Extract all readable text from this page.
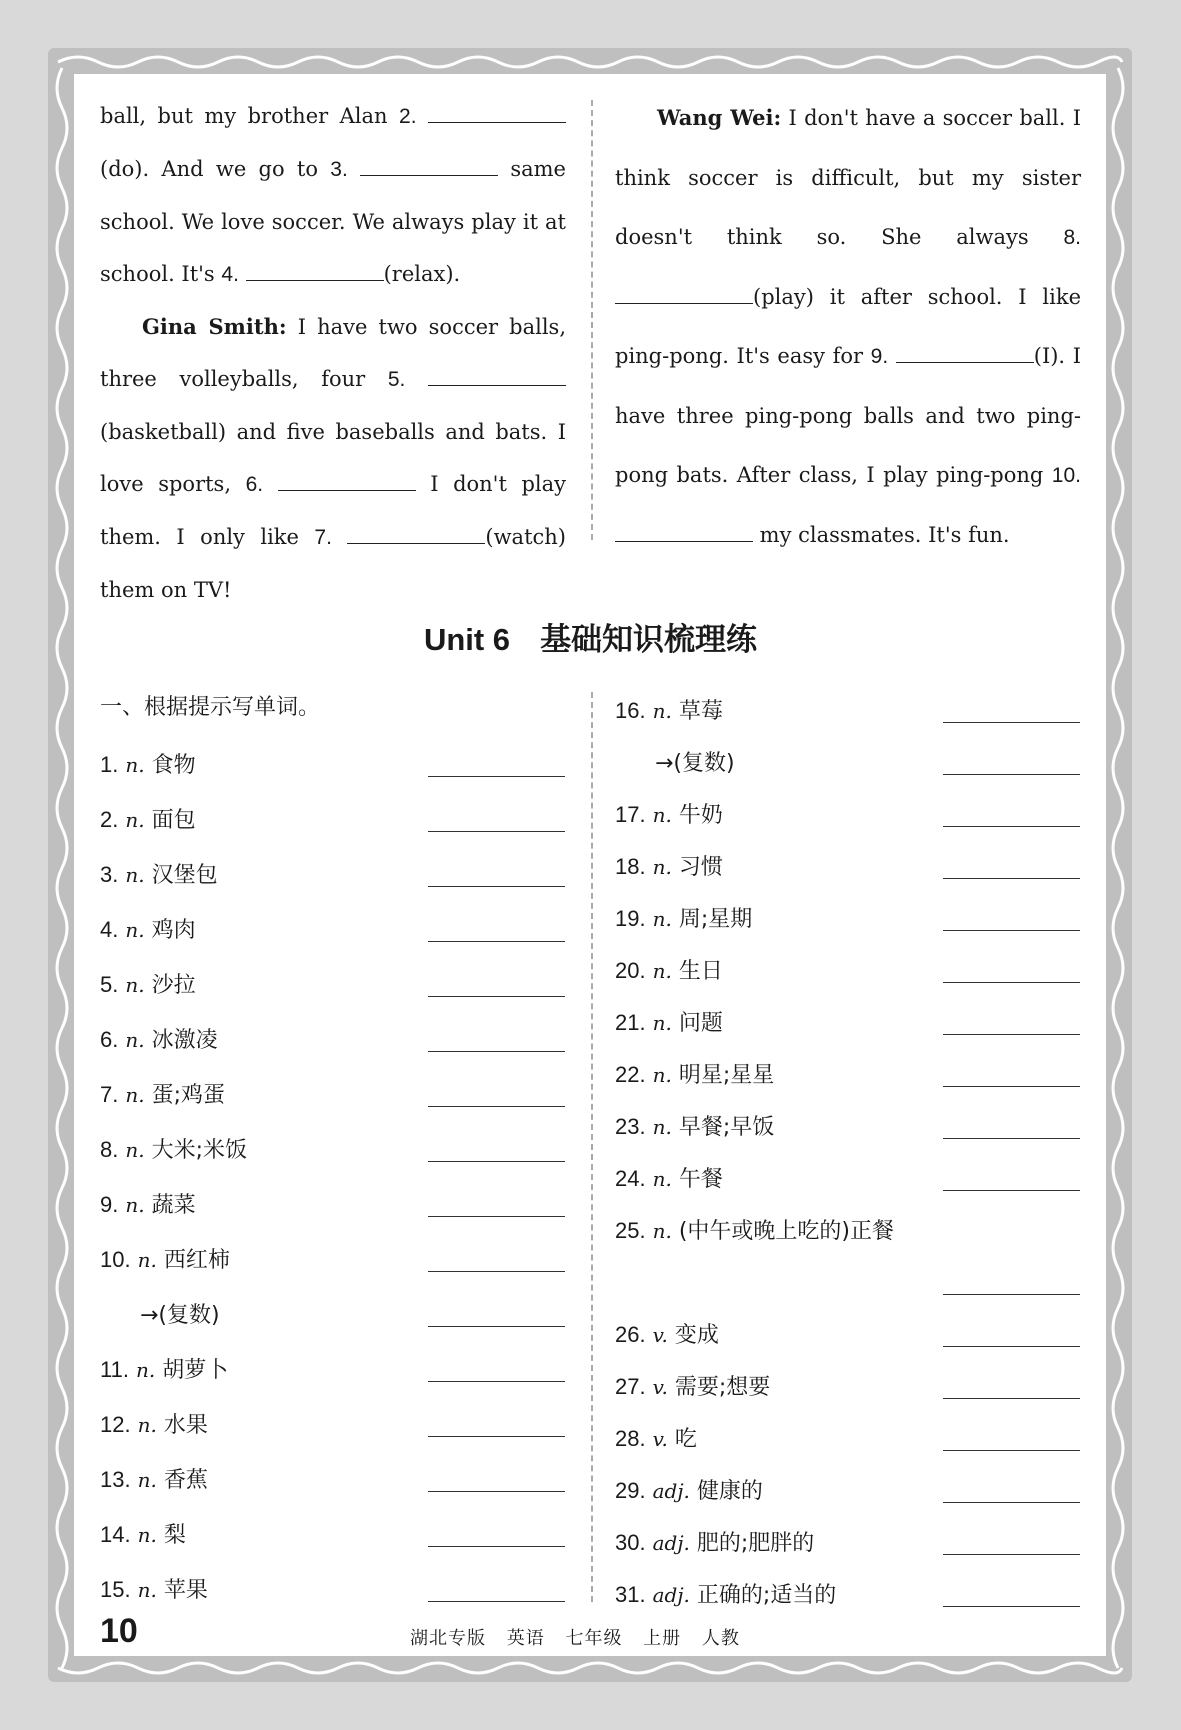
ball, but my brother Alan 2. (do). And we go to 3.	same school. We love soccer. We always play it at school. It's 4.	(relax).
Gina Smith: I have two soccer balls, three volleyballs, four 5. (basketball) and five baseballs and bats. I love sports, 6.	I don't play them. I only like 7.	(watch) them on TV!
Wang Wei: I don't have a soccer ball. I think soccer is difficult, but my sister doesn't think so. She always 8. (play) it after school. I like ping-pong. It's easy for 9.	(I). I have three ping-pong balls and two ping-pong bats. After class, I play ping-pong 10.  my classmates. It's fun.
Unit 6 基础知识梳理练
一、根据提示写单词。
1. n. 食物
2. n. 面包
3. n. 汉堡包
4. n. 鸡肉
5. n. 沙拉
6. n. 冰激凌
7. n. 蛋;鸡蛋
8. n. 大米;米饭
9. n. 蔬菜
10. n. 西红柿
→(复数)
11. n. 胡萝卜
12. n. 水果
13. n. 香蕉
14. n. 梨
15. n. 苹果
16. n. 草莓
→(复数)
17. n. 牛奶
18. n. 习惯
19. n. 周;星期
20. n. 生日
21. n. 问题
22. n. 明星;星星
23. n. 早餐;早饭
24. n. 午餐
25. n. (中午或晚上吃的)正餐
26. v. 变成
27. v. 需要;想要
28. v. 吃
29. adj. 健康的
30. adj. 肥的;肥胖的
31. adj. 正确的;适当的
10	湖北专版 英语 七年级 上册 人教
